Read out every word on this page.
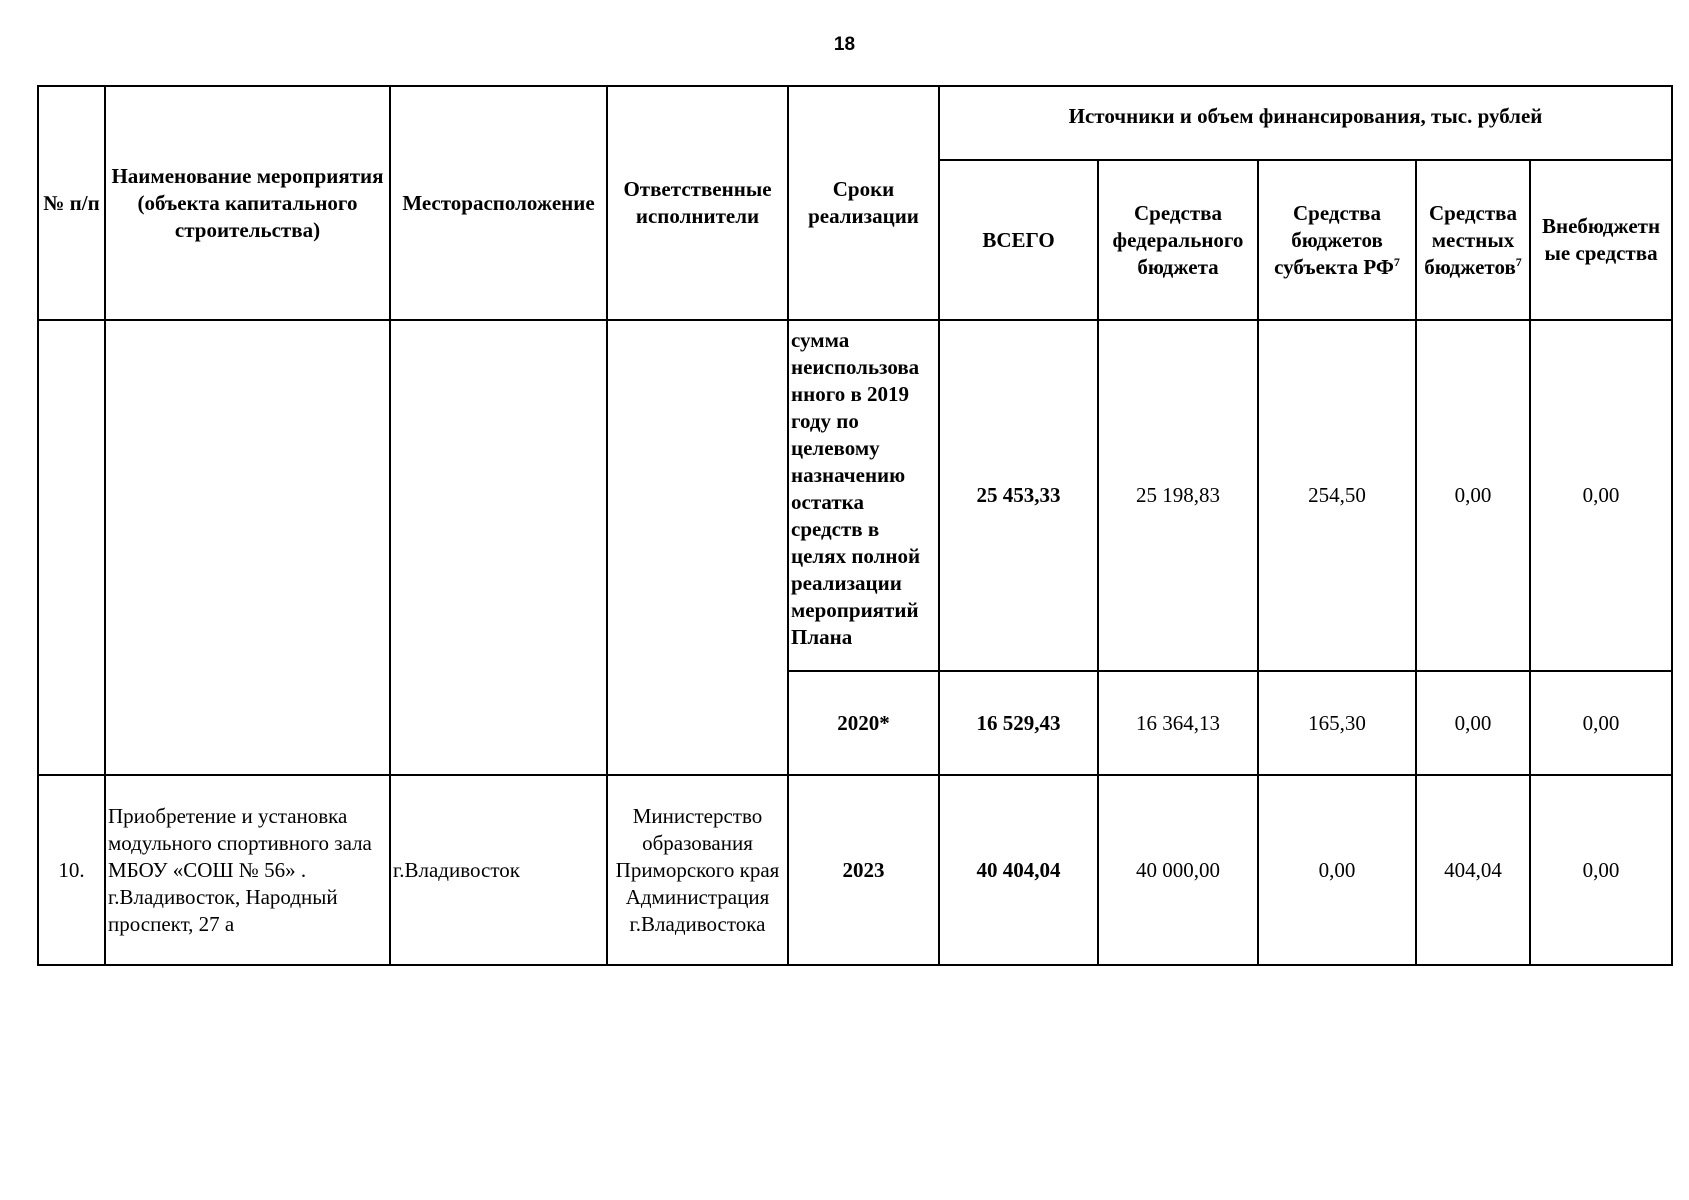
18
№ п/п	Наименование мероприятия (объекта капитального строительства)	Месторасположение	Ответственные исполнители	Сроки реализации	Источники и объем финансирования, тыс. рублей				
					ВСЕГО	Средства федерального бюджета	Средства бюджетов субъекта $РФ^7$	Средства местных бюджетов$^7$	Внебюджетн ые средства
				сумма неиспользова нного в 2019 году по целевому назначению остатка средств в целях полной реализации мероприятий Плана	25 453,33	25 198,83	254,50	0,00	0,00
				2020*	16 529,43	16 364,13	165,30	0,00	0,00
10.	Приобретение и установка модульного спортивного зала МБОУ «СОШ № 56» . г.Владивосток, Народный проспект, 27 а	г.Владивосток	Министерство образования Приморского края Администрация г.Владивостока	2023	40 404,04	40 000,00	0,00	404,04	0,00
